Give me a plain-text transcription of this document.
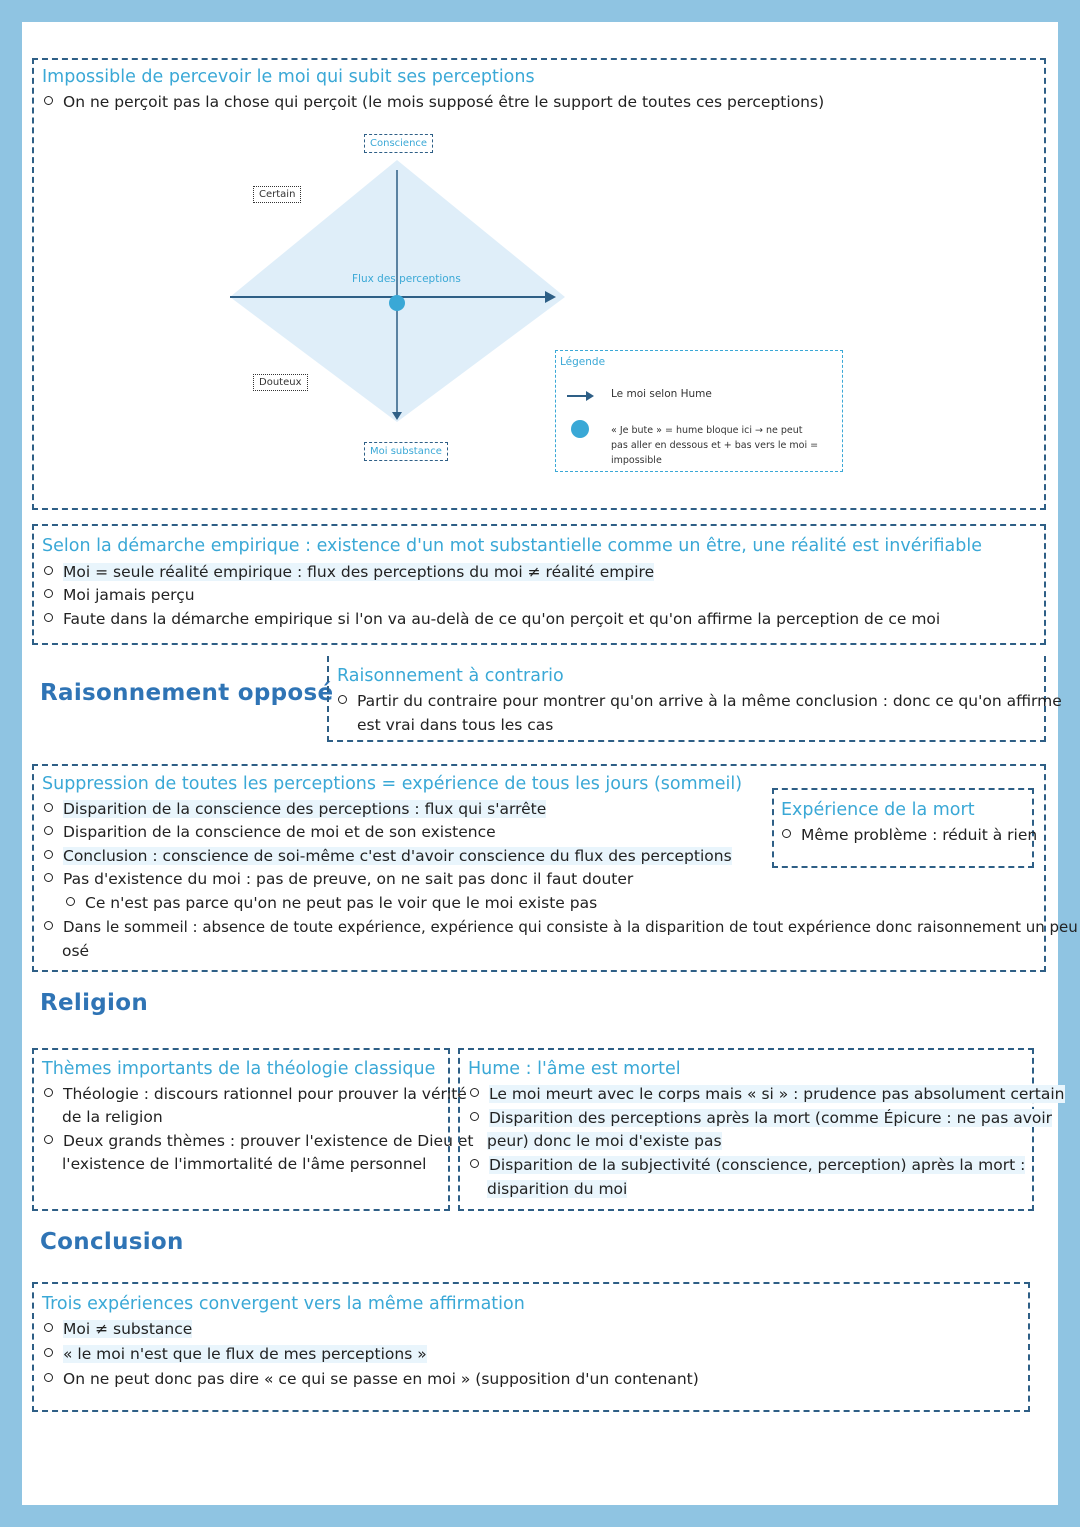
Impossible de percevoir le moi qui subit ses perceptions
On ne perçoit pas la chose qui perçoit (le mois supposé être le support de toutes ces perceptions)
Conscience
Certain
Flux des perceptions
Douteux
Moi substance
Légende
Le moi selon Hume
« Je bute » = hume bloque ici → ne peut
pas aller en dessous et + bas vers le moi =
impossible
Selon la démarche empirique : existence d'un mot substantielle comme un être, une réalité est invérifiable
Moi = seule réalité empirique : flux des perceptions du moi ≠ réalité empire
Moi jamais perçu
Faute dans la démarche empirique si l'on va au-delà de ce qu'on perçoit et qu'on affirme la perception de ce moi
Raisonnement opposé
Raisonnement à contrario
Partir du contraire pour montrer qu'on arrive à la même conclusion : donc ce qu'on affirme
est vrai dans tous les cas
Suppression de toutes les perceptions = expérience de tous les jours (sommeil)
Disparition de la conscience des perceptions : flux qui s'arrête
Disparition de la conscience de moi et de son existence
Conclusion : conscience de soi-même c'est d'avoir conscience du flux des perceptions
Pas d'existence du moi : pas de preuve, on ne sait pas donc il faut douter
Ce n'est pas parce qu'on ne peut pas le voir que le moi existe pas
Dans le sommeil : absence de toute expérience, expérience qui consiste à la disparition de tout expérience donc raisonnement un peu
osé
Expérience de la mort
Même problème : réduit à rien
Religion
Thèmes importants de la théologie classique
Théologie : discours rationnel pour prouver la vérité
de la religion
Deux grands thèmes : prouver l'existence de Dieu et
l'existence de l'immortalité de l'âme personnel
Hume : l'âme est mortel
Le moi meurt avec le corps mais « si » : prudence pas absolument certain
Disparition des perceptions après la mort (comme Épicure : ne pas avoir
peur) donc le moi d'existe pas
Disparition de la subjectivité (conscience, perception) après la mort :
disparition du moi
Conclusion
Trois expériences convergent vers la même affirmation
Moi ≠ substance
« le moi n'est que le flux de mes perceptions »
On ne peut donc pas dire « ce qui se passe en moi » (supposition d'un contenant)
